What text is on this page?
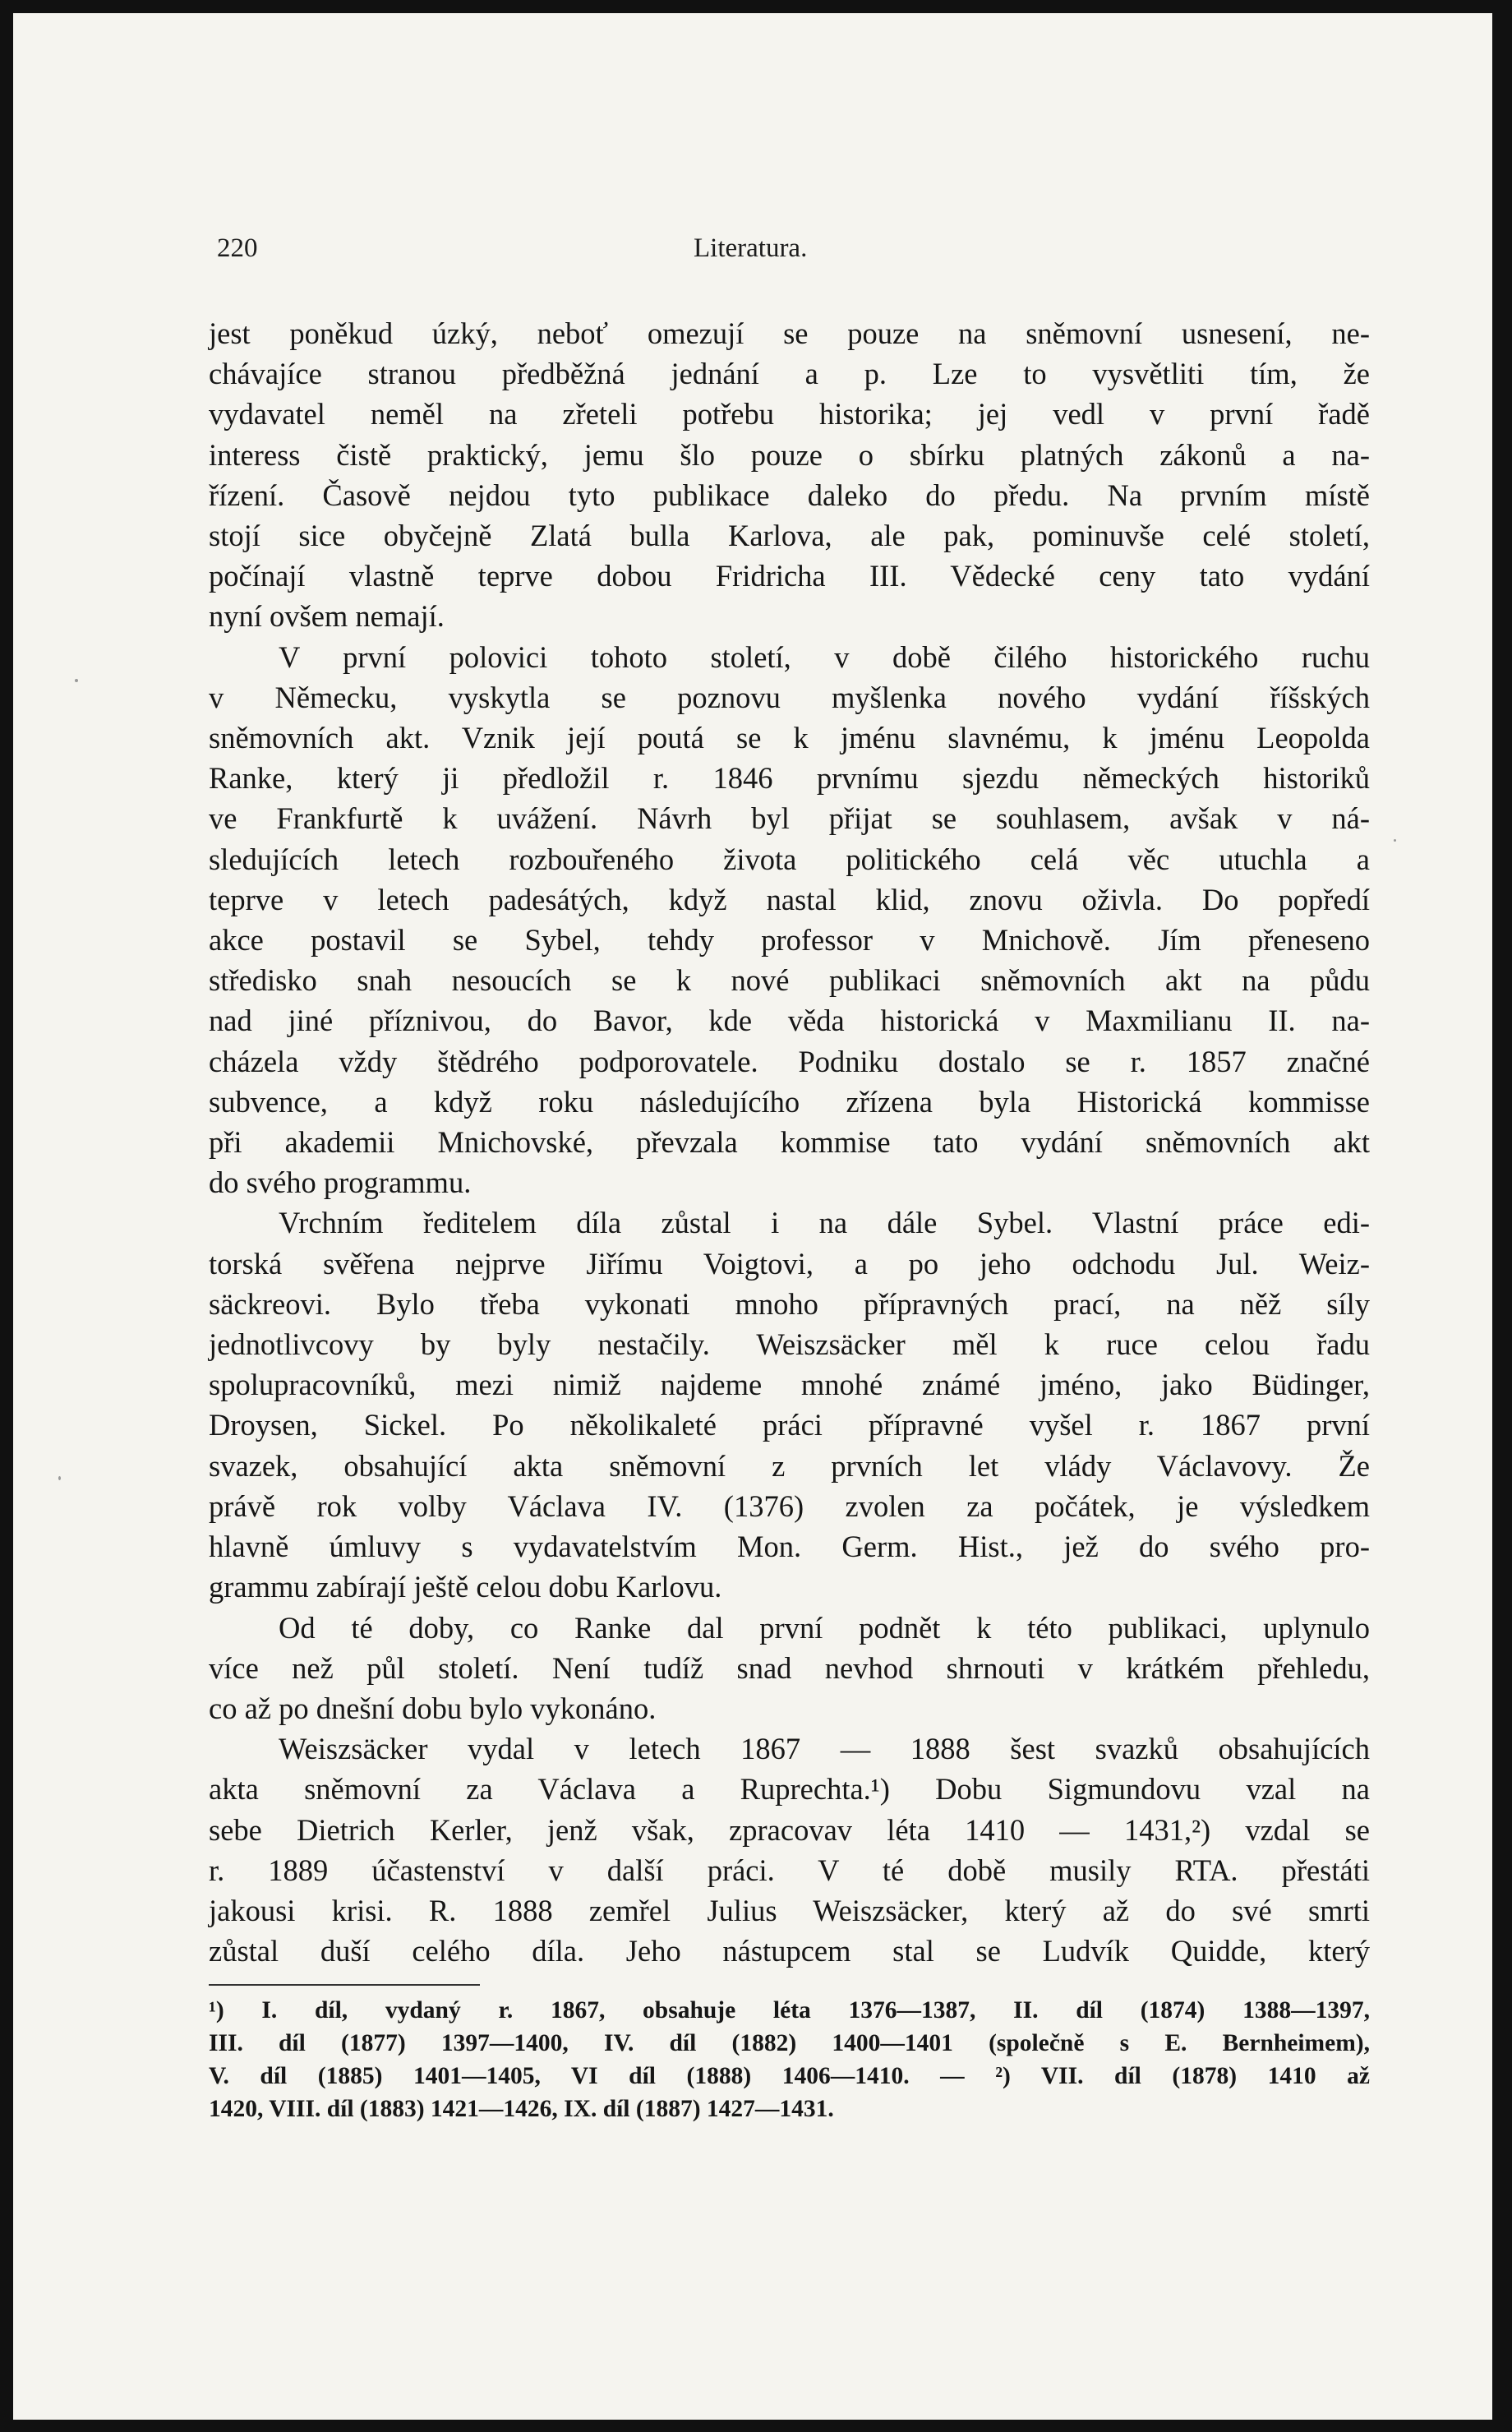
220	Literatura.

jest poněkud úzký, neboť omezují se pouze na sněmovní usnesení, ne-
chávajíce stranou předběžná jednání a p. Lze to vysvětliti tím, že
vydavatel neměl na zřeteli potřebu historika; jej vedl v první řadě
interess čistě praktický, jemu šlo pouze o sbírku platných zákonů a na-
řízení. Časově nejdou tyto publikace daleko do předu. Na prvním místě
stojí sice obyčejně Zlatá bulla Karlova, ale pak, pominuvše celé století,
počínají vlastně teprve dobou Fridricha III. Vědecké ceny tato vydání
nyní ovšem nemají.

V první polovici tohoto století, v době čilého historického ruchu
v Německu, vyskytla se poznovu myšlenka nového vydání říšských
sněmovních akt. Vznik její poutá se k jménu slavnému, k jménu Leopolda
Ranke, který ji předložil r. 1846 prvnímu sjezdu německých historiků
ve Frankfurtě k uvážení. Návrh byl přijat se souhlasem, avšak v ná-
sledujících letech rozbouřeného života politického celá věc utuchla a
teprve v letech padesátých, když nastal klid, znovu oživla. Do popředí
akce postavil se Sybel, tehdy professor v Mnichově. Jím přeneseno
středisko snah nesoucích se k nové publikaci sněmovních akt na půdu
nad jiné příznivou, do Bavor, kde věda historická v Maxmilianu II. na-
cházela vždy štědrého podporovatele. Podniku dostalo se r. 1857 značné
subvence, a když roku následujícího zřízena byla Historická kommisse
při akademii Mnichovské, převzala kommise tato vydání sněmovních akt
do svého programmu.

Vrchním ředitelem díla zůstal i na dále Sybel. Vlastní práce edi-
torská svěřena nejprve Jiřímu Voigtovi, a po jeho odchodu Jul. Weiz-
säckreovi. Bylo třeba vykonati mnoho přípravných prací, na něž síly
jednotlivcovy by byly nestačily. Weiszsäcker měl k ruce celou řadu
spolupracovníků, mezi nimiž najdeme mnohé známé jméno, jako Büdinger,
Droysen, Sickel. Po několikaleté práci přípravné vyšel r. 1867 první
svazek, obsahující akta sněmovní z prvních let vlády Václavovy. Že
právě rok volby Václava IV. (1376) zvolen za počátek, je výsledkem
hlavně úmluvy s vydavatelstvím Mon. Germ. Hist., jež do svého pro-
grammu zabírají ještě celou dobu Karlovu.

Od té doby, co Ranke dal první podnět k této publikaci, uplynulo
více než půl století. Není tudíž snad nevhod shrnouti v krátkém přehledu,
co až po dnešní dobu bylo vykonáno.

Weiszsäcker vydal v letech 1867 — 1888 šest svazků obsahujících
akta sněmovní za Václava a Ruprechta.¹) Dobu Sigmundovu vzal na
sebe Dietrich Kerler, jenž však, zpracovav léta 1410 — 1431,²) vzdal se
r. 1889 účastenství v další práci. V té době musily RTA. přestáti
jakousi krisi. R. 1888 zemřel Julius Weiszsäcker, který až do své smrti
zůstal duší celého díla. Jeho nástupcem stal se Ludvík Quidde, který

¹) I. díl, vydaný r. 1867, obsahuje léta 1376—1387, II. díl (1874) 1388—1397,
III. díl (1877) 1397—1400, IV. díl (1882) 1400—1401 (společně s E. Bernheimem),
V. díl (1885) 1401—1405, VI díl (1888) 1406—1410. — ²) VII. díl (1878) 1410 až
1420, VIII. díl (1883) 1421—1426, IX. díl (1887) 1427—1431.
